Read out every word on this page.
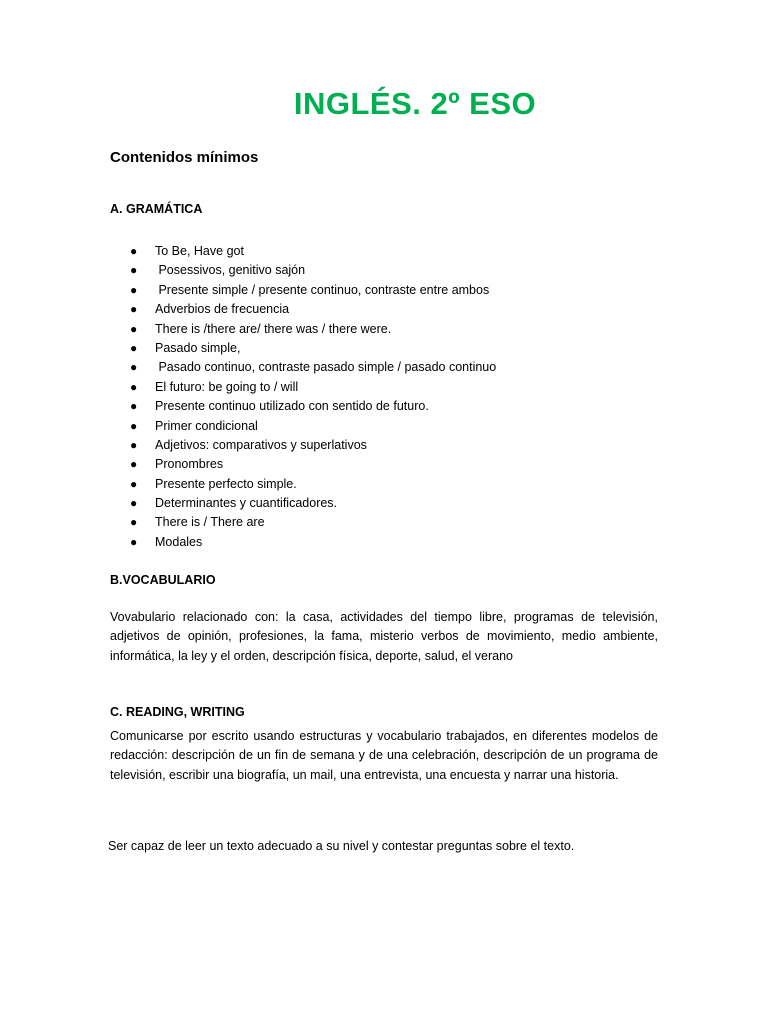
INGLÉS. 2º ESO
Contenidos mínimos
A. GRAMÁTICA
● To Be, Have got
● Posessivos, genitivo sajón
● Presente simple / presente continuo, contraste entre ambos
● Adverbios de frecuencia
● There is /there are/ there was / there were.
● Pasado simple,
● Pasado continuo, contraste pasado simple / pasado continuo
● El futuro: be going to / will
● Presente continuo utilizado con sentido de futuro.
● Primer condicional
● Adjetivos: comparativos y superlativos
● Pronombres
● Presente perfecto simple.
● Determinantes y cuantificadores.
● There is / There are
● Modales
B.VOCABULARIO
Vovabulario relacionado con: la casa, actividades del tiempo libre, programas de televisión, adjetivos de opinión, profesiones, la fama, misterio verbos de movimiento, medio ambiente, informática, la ley y el orden, descripción física, deporte, salud, el verano
C. READING, WRITING
Comunicarse por escrito usando estructuras y vocabulario trabajados, en diferentes modelos de redacción: descripción de un fin de semana y de una celebración, descripción de un programa de televisión, escribir una biografía, un mail, una entrevista, una encuesta y narrar una historia.
Ser capaz de leer un texto adecuado a su nivel y contestar preguntas sobre el texto.
